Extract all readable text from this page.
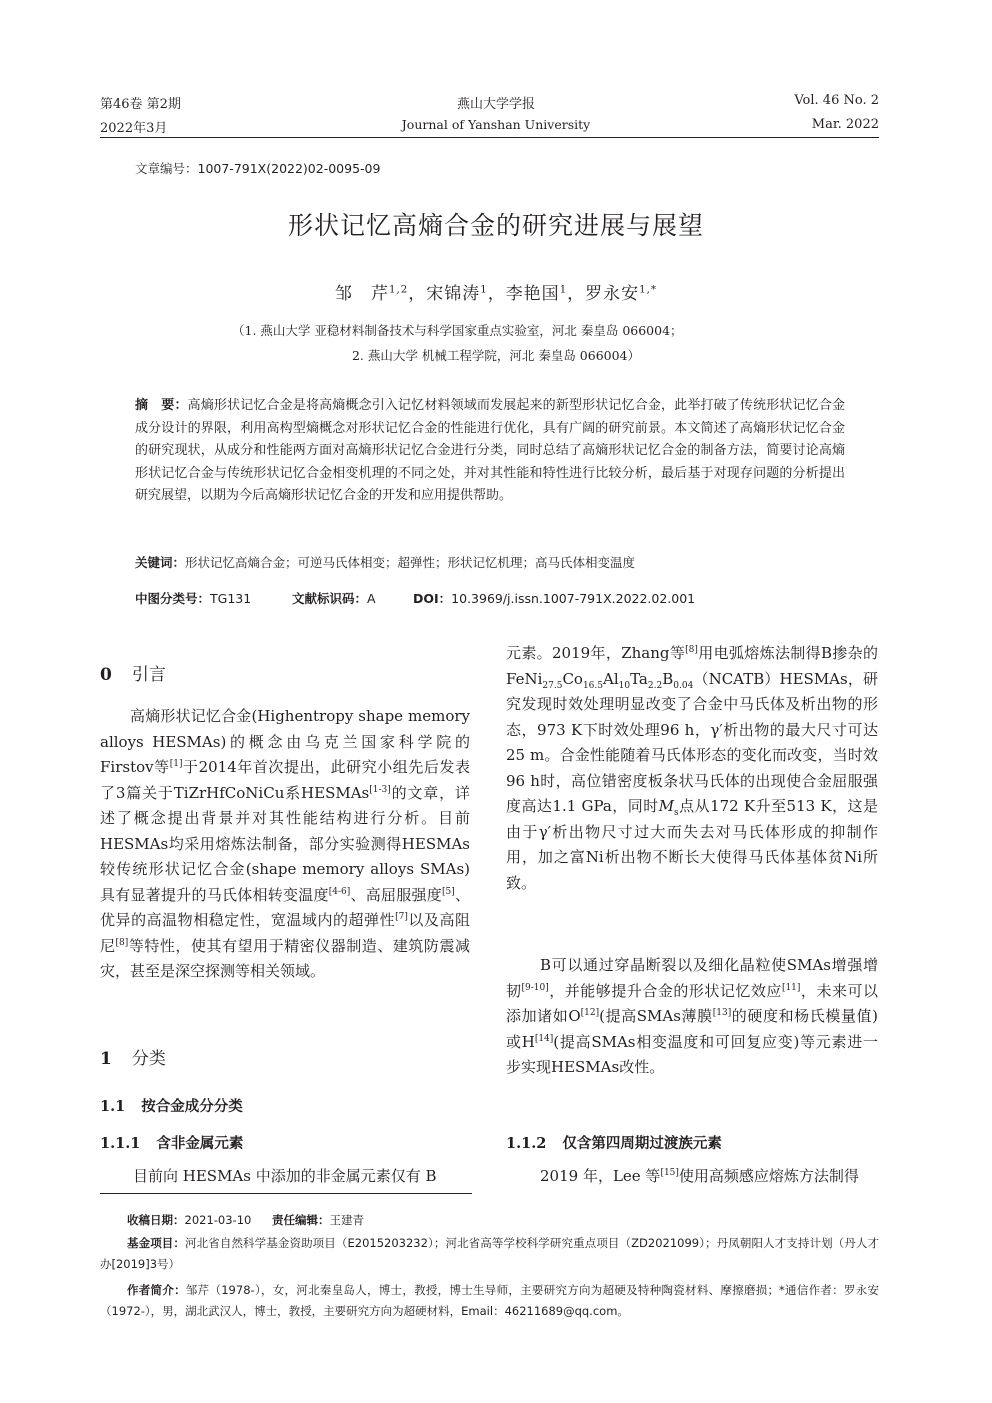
第46卷 第2期
2022年3月
燕山大学学报
Journal of Yanshan University
Vol. 46 No. 2
Mar. 2022
文章编号：1007-791X(2022)02-0095-09
形状记忆高熵合金的研究进展与展望
邹　芹$^{1,2}$，宋锦涛$^1$，李艳国$^1$，罗永安$^{1,*}$
（1. 燕山大学 亚稳材料制备技术与科学国家重点实验室，河北 秦皇岛 066004；
2. 燕山大学 机械工程学院，河北 秦皇岛 066004）
摘　要：高熵形状记忆合金是将高熵概念引入记忆材料领域而发展起来的新型形状记忆合金，此举打破了传统形状记忆合金成分设计的界限，利用高构型熵概念对形状记忆合金的性能进行优化，具有广阔的研究前景。本文简述了高熵形状记忆合金的研究现状，从成分和性能两方面对高熵形状记忆合金进行分类，同时总结了高熵形状记忆合金的制备方法，简要讨论高熵形状记忆合金与传统形状记忆合金相变机理的不同之处，并对其性能和特性进行比较分析，最后基于对现存问题的分析提出研究展望，以期为今后高熵形状记忆合金的开发和应用提供帮助。
关键词：形状记忆高熵合金；可逆马氏体相变；超弹性；形状记忆机理；高马氏体相变温度
中图分类号：TG131	文献标识码：A	DOI：10.3969/j.issn.1007-791X.2022.02.001
0 引言

高熵形状记忆合金(Highentropy shape memory alloys HESMAs)的概念由乌克兰国家科学院的Firstov等[1]于2014年首次提出，此研究小组先后发表了3篇关于TiZrHfCoNiCu系HESMAs[1-3]的文章，详述了概念提出背景并对其性能结构进行分析。目前HESMAs均采用熔炼法制备，部分实验测得HESMAs较传统形状记忆合金(shape memory alloys SMAs)具有显著提升的马氏体相转变温度[4-6]、高屈服强度[5]、优异的高温物相稳定性，宽温域内的超弹性[7]以及高阻尼[8]等特性，使其有望用于精密仪器制造、建筑防震减灾，甚至是深空探测等相关领域。

1 分类
1.1 按合金成分分类
1.1.1 含非金属元素
目前向 HESMAs 中添加的非金属元素仅有 B

元素。2019年，Zhang等[8]用电弧熔炼法制得B掺杂的 $FeNi_{27.5}Co_{16.5}Al_{10}Ta_{2.2}B_{0.04}(NCATB)HESMAs$，研究发现时效处理明显改变了合金中马氏体及析出物的形态，973 K下时效处理96 h，γ′析出物的最大尺寸可达25 m。合金性能随着马氏体形态的变化而改变，当时效96 h时，高位错密度板条状马氏体的出现使合金屈服强度高达1.1 GPa，同时$M_s$点从172 K升至513 K，这是由于γ′析出物尺寸过大而失去对马氏体形成的抑制作用，加之富Ni析出物不断长大使得马氏体基体贫Ni所致。

B可以通过穿晶断裂以及细化晶粒使SMAs增强增韧[9-10]，并能够提升合金的形状记忆效应[11]，未来可以添加诸如O[12](提高SMAs薄膜[13]的硬度和杨氏模量值)或H[14](提高SMAs相变温度和可回复应变)等元素进一步实现HESMAs改性。

1.1.2 仅含第四周期过渡族元素
2019 年，Lee 等[15]使用高频感应熔炼方法制得
收稿日期：2021-03-10 责任编辑：王建青
基金项目：河北省自然科学基金资助项目（E2015203232）；河北省高等学校科学研究重点项目（ZD2021099）；丹凤朝阳人才支持计划（丹人才办[2019]3号）
作者简介：邹芹（1978-），女，河北秦皇岛人，博士，教授，博士生导师，主要研究方向为超硬及特种陶瓷材料、摩擦磨损；*通信作者：罗永安（1972-），男，湖北武汉人，博士，教授，主要研究方向为超硬材料，Email：46211689@qq.com。
